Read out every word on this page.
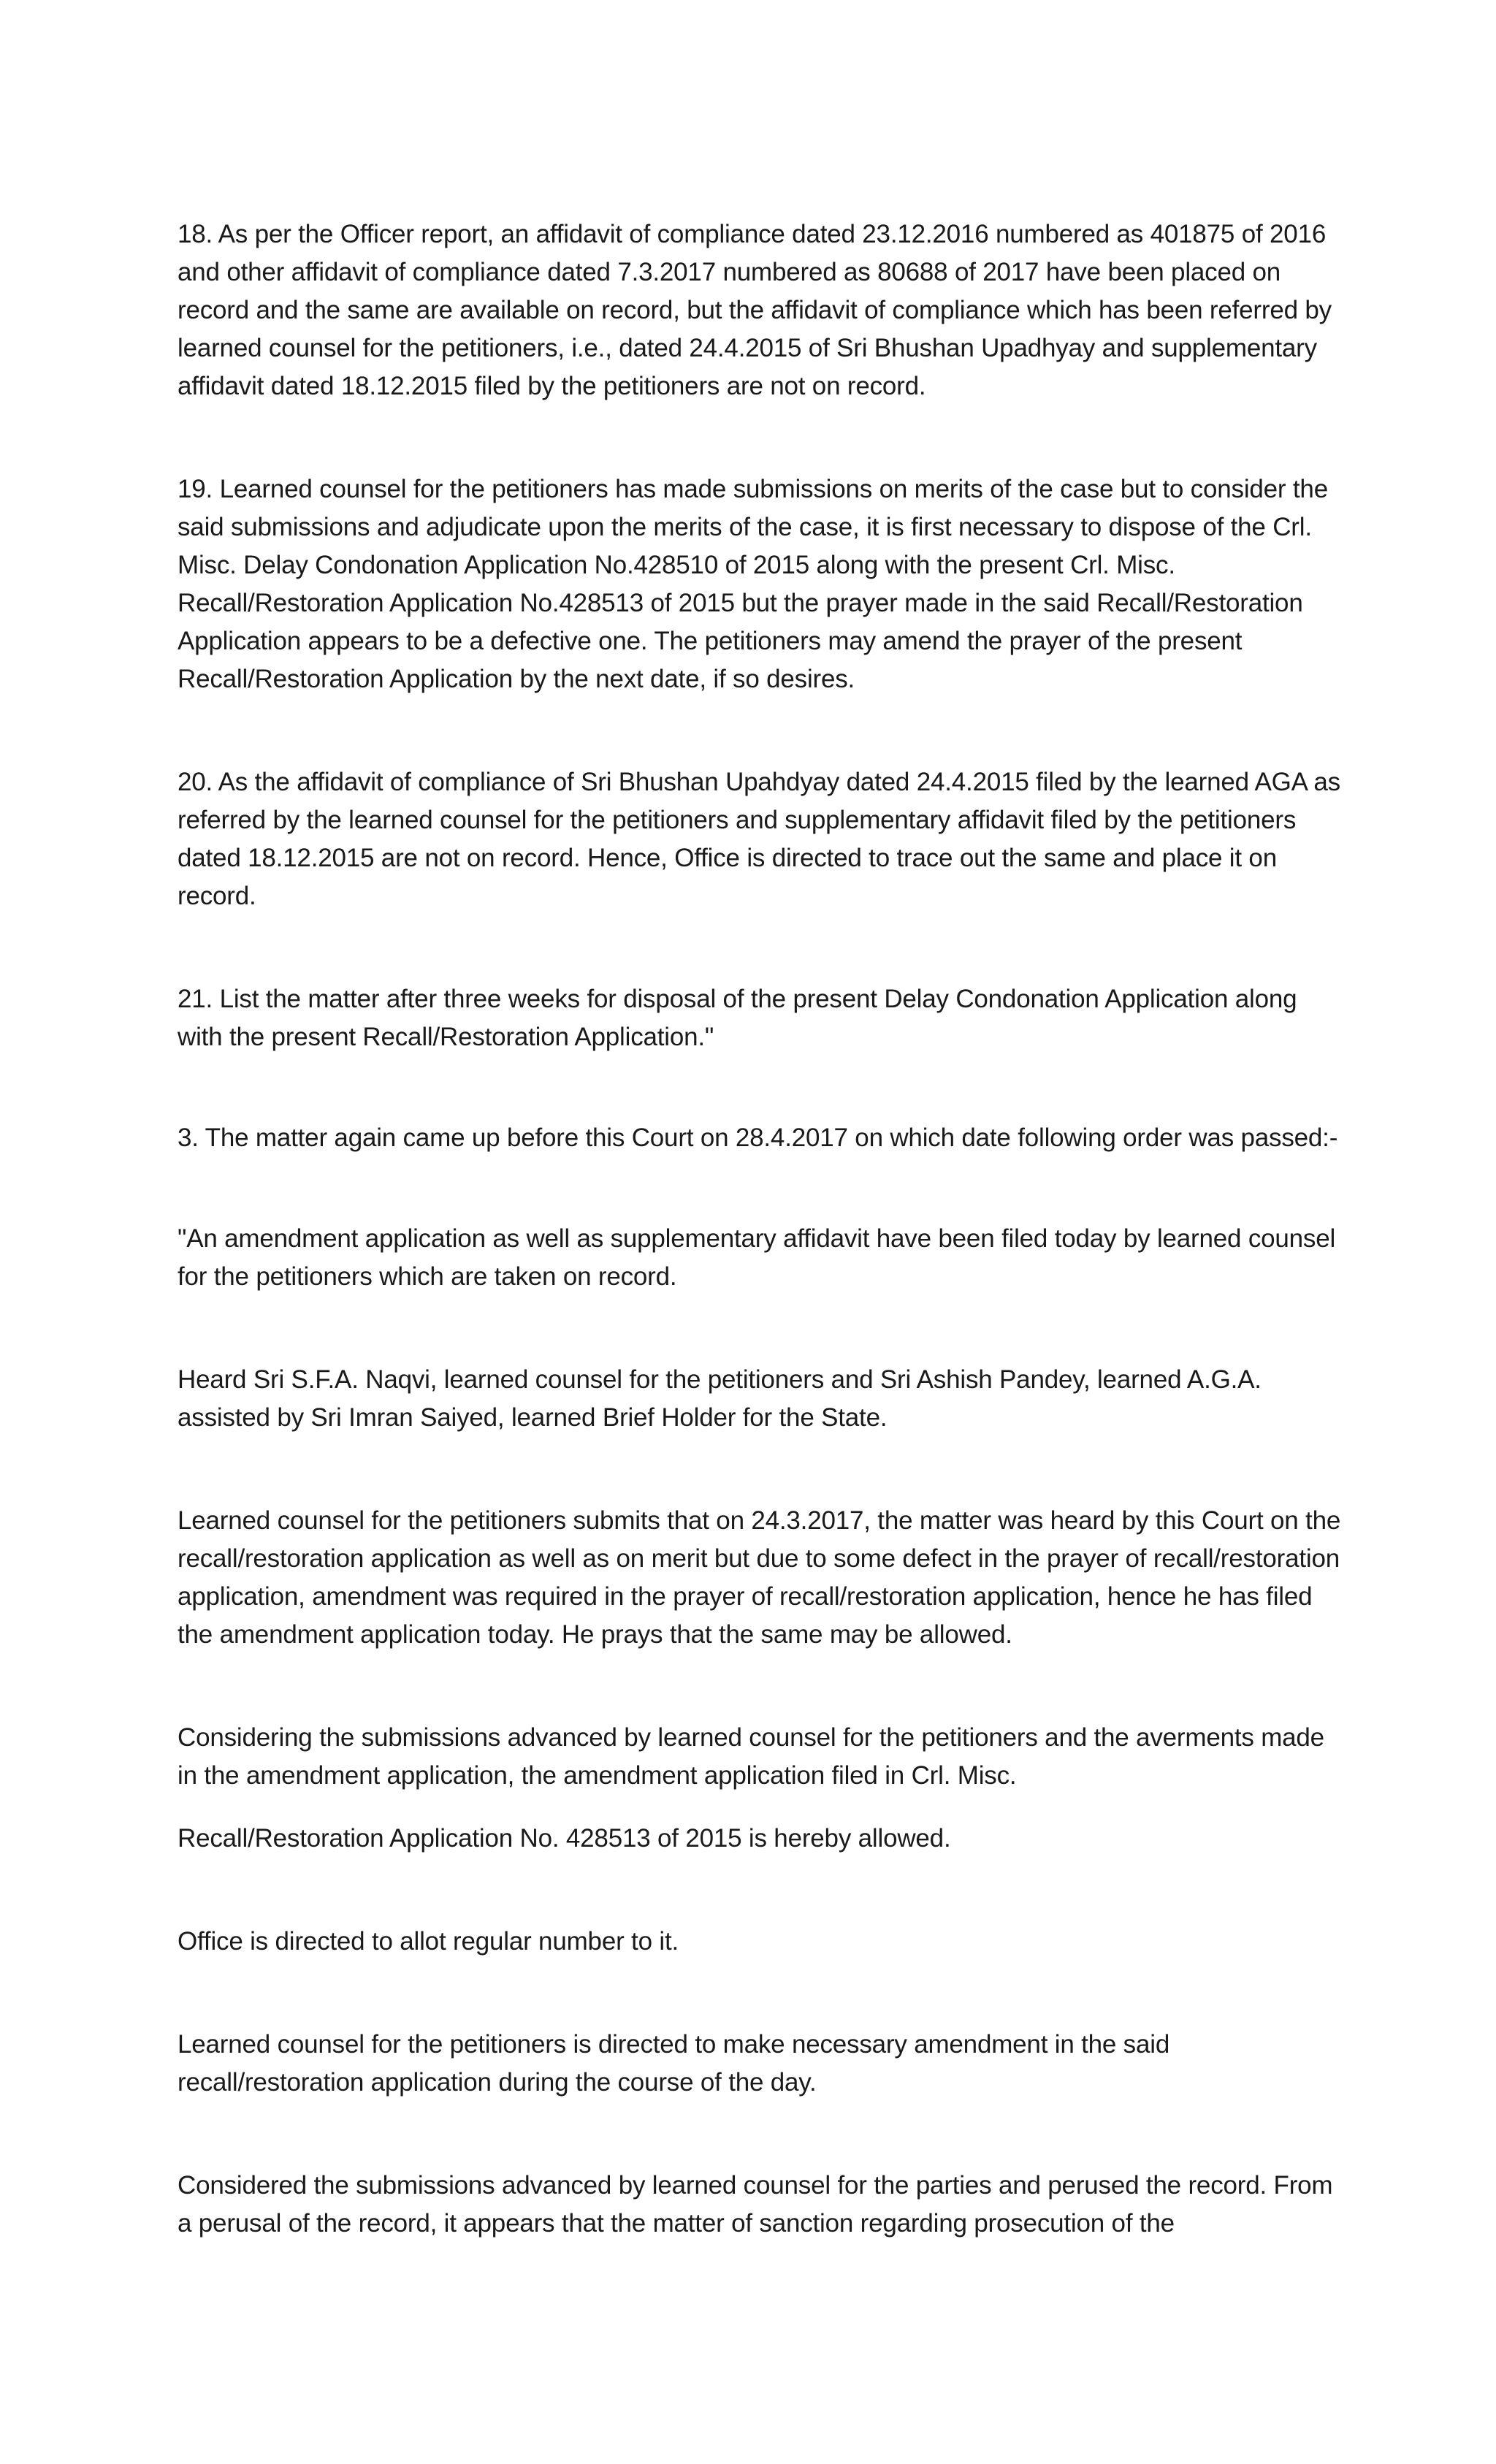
18. As per the Officer report, an affidavit of compliance dated 23.12.2016 numbered as 401875 of 2016 and other affidavit of compliance dated 7.3.2017 numbered as 80688 of 2017 have been placed on record and the same are available on record, but the affidavit of compliance which has been referred by learned counsel for the petitioners, i.e., dated 24.4.2015 of Sri Bhushan Upadhyay and supplementary affidavit dated 18.12.2015 filed by the petitioners are not on record.

19. Learned counsel for the petitioners has made submissions on merits of the case but to consider the said submissions and adjudicate upon the merits of the case, it is first necessary to dispose of the Crl. Misc. Delay Condonation Application No.428510 of 2015 along with the present Crl. Misc. Recall/Restoration Application No.428513 of 2015 but the prayer made in the said Recall/Restoration Application appears to be a defective one. The petitioners may amend the prayer of the present Recall/Restoration Application by the next date, if so desires.

20. As the affidavit of compliance of Sri Bhushan Upahdyay dated 24.4.2015 filed by the learned AGA as referred by the learned counsel for the petitioners and supplementary affidavit filed by the petitioners dated 18.12.2015 are not on record. Hence, Office is directed to trace out the same and place it on record.

21. List the matter after three weeks for disposal of the present Delay Condonation Application along with the present Recall/Restoration Application."

3. The matter again came up before this Court on 28.4.2017 on which date following order was passed:-

"An amendment application as well as supplementary affidavit have been filed today by learned counsel for the petitioners which are taken on record.

Heard Sri S.F.A. Naqvi, learned counsel for the petitioners and Sri Ashish Pandey, learned A.G.A. assisted by Sri Imran Saiyed, learned Brief Holder for the State.

Learned counsel for the petitioners submits that on 24.3.2017, the matter was heard by this Court on the recall/restoration application as well as on merit but due to some defect in the prayer of recall/restoration application, amendment was required in the prayer of recall/restoration application, hence he has filed the amendment application today. He prays that the same may be allowed.

Considering the submissions advanced by learned counsel for the petitioners and the averments made in the amendment application, the amendment application filed in Crl. Misc.

Recall/Restoration Application No. 428513 of 2015 is hereby allowed.

Office is directed to allot regular number to it.

Learned counsel for the petitioners is directed to make necessary amendment in the said recall/restoration application during the course of the day.

Considered the submissions advanced by learned counsel for the parties and perused the record. From a perusal of the record, it appears that the matter of sanction regarding prosecution of the
